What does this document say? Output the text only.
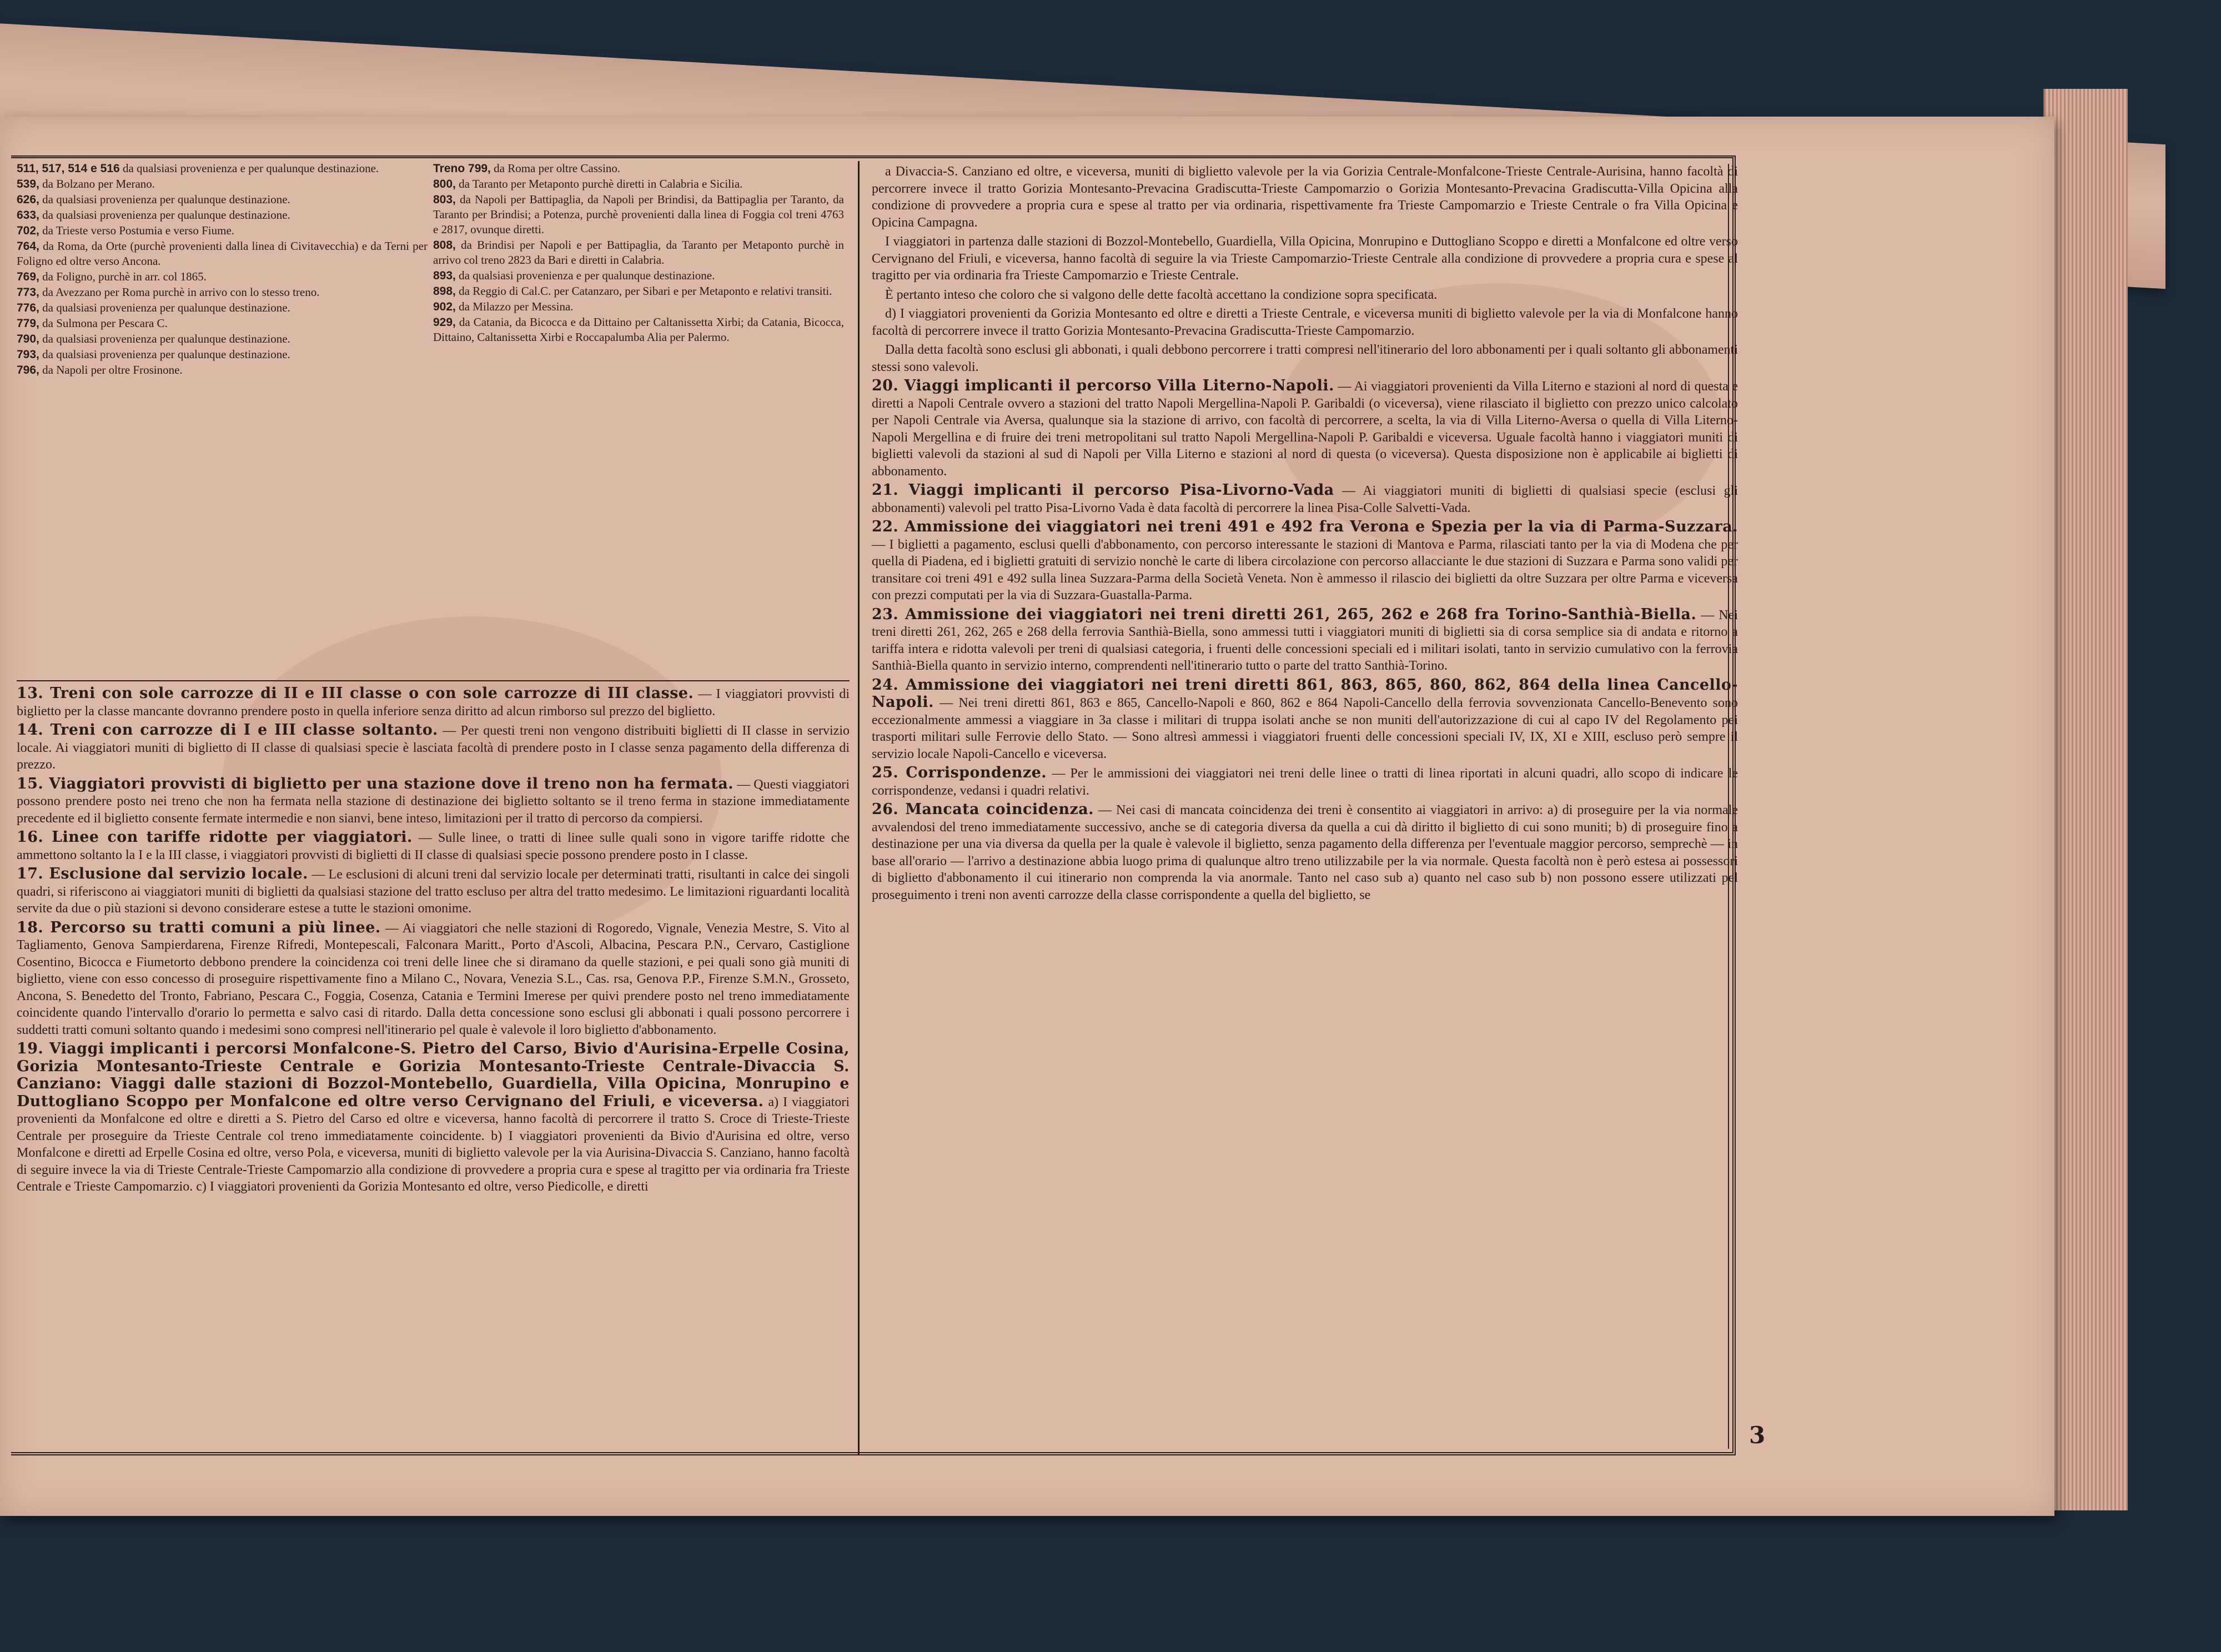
511, 517, 514 e 516 da qualsiasi provenienza e per qualunque destinazione.
539, da Bolzano per Merano.
626, da qualsiasi provenienza per qualunque destinazione.
633, da qualsiasi provenienza per qualunque destinazione.
702, da Trieste verso Postumia e verso Fiume.
764, da Roma, da Orte (purchè provenienti dalla linea di Civitavecchia) e da Terni per Foligno ed oltre verso Ancona.
769, da Foligno, purchè in arr. col 1865.
773, da Avezzano per Roma purchè in arrivo con lo stesso treno.
776, da qualsiasi provenienza per qualunque destinazione.
779, da Sulmona per Pescara C.
790, da qualsiasi provenienza per qualunque destinazione.
793, da qualsiasi provenienza per qualunque destinazione.
796, da Napoli per oltre Frosinone.
Treno 799, da Roma per oltre Cassino.
800, da Taranto per Metaponto purchè diretti in Calabria e Sicilia.
803, da Napoli per Battipaglia, da Napoli per Brindisi, da Battipaglia per Taranto, da Taranto per Brindisi; a Potenza, purchè provenienti dalla linea di Foggia col treni 4763 e 2817, ovunque diretti.
808, da Brindisi per Napoli e per Battipaglia, da Taranto per Metaponto purchè in arrivo col treno 2823 da Bari e diretti in Calabria.
893, da qualsiasi provenienza e per qualunque destinazione.
898, da Reggio di Cal.C. per Catanzaro, per Sibari e per Metaponto e relativi transiti.
902, da Milazzo per Messina.
929, da Catania, da Bicocca e da Dittaino per Caltanissetta Xirbi; da Catania, Bicocca, Dittaino, Caltanissetta Xirbi e Roccapalumba Alia per Palermo.
13. Treni con sole carrozze di II e III classe o con sole carrozze di III classe. — I viaggiatori provvisti di biglietto per la classe mancante dovranno prendere posto in quella inferiore senza diritto ad alcun rimborso sul prezzo del biglietto.
14. Treni con carrozze di I e III classe soltanto. — Per questi treni non vengono distribuiti biglietti di II classe in servizio locale. Ai viaggiatori muniti di biglietto di II classe di qualsiasi specie è lasciata facoltà di prendere posto in I classe senza pagamento della differenza di prezzo.
15. Viaggiatori provvisti di biglietto per una stazione dove il treno non ha fermata. — Questi viaggiatori possono prendere posto nei treno che non ha fermata nella stazione di destinazione dei biglietto soltanto se il treno ferma in stazione immediatamente precedente ed il biglietto consente fermate intermedie e non sianvi, bene inteso, limitazioni per il tratto di percorso da compiersi.
16. Linee con tariffe ridotte per viaggiatori. — Sulle linee, o tratti di linee sulle quali sono in vigore tariffe ridotte che ammettono soltanto la I e la III classe, i viaggiatori provvisti di biglietti di II classe di qualsiasi specie possono prendere posto in I classe.
17. Esclusione dal servizio locale. — Le esclusioni di alcuni treni dal servizio locale per determinati tratti, risultanti in calce dei singoli quadri, si riferiscono ai viaggiatori muniti di biglietti da qualsiasi stazione del tratto escluso per altra del tratto medesimo. Le limitazioni riguardanti località servite da due o più stazioni si devono considerare estese a tutte le stazioni omonime.
18. Percorso su tratti comuni a più linee. — Ai viaggiatori che nelle stazioni di Rogoredo, Vignale, Venezia Mestre, S. Vito al Tagliamento, Genova Sampierdarena, Firenze Rifredi, Montepescali, Falconara Maritt., Porto d'Ascoli, Albacina, Pescara P.N., Cervaro, Castiglione Cosentino, Bicocca e Fiumetorto debbono prendere la coincidenza coi treni delle linee che si diramano da quelle stazioni, e pei quali sono già muniti di biglietto, viene con esso concesso di proseguire rispettivamente fino a Milano C., Novara, Venezia S.L., Cas. rsa, Genova P.P., Firenze S.M.N., Grosseto, Ancona, S. Benedetto del Tronto, Fabriano, Pescara C., Foggia, Cosenza, Catania e Termini Imerese per quivi prendere posto nel treno immediatamente coincidente quando l'intervallo d'orario lo permetta e salvo casi di ritardo. Dalla detta concessione sono esclusi gli abbonati i quali possono percorrere i suddetti tratti comuni soltanto quando i medesimi sono compresi nell'itinerario pel quale è valevole il loro biglietto d'abbonamento.
19. Viaggi implicanti i percorsi Monfalcone-S. Pietro del Carso, Bivio d'Aurisina-Erpelle Cosina, Gorizia Montesanto-Trieste Centrale e Gorizia Montesanto-Trieste Centrale-Divaccia S. Canziano: Viaggi dalle stazioni di Bozzol-Montebello, Guardiella, Villa Opicina, Monrupino e Duttogliano Scoppo per Monfalcone ed oltre verso Cervignano del Friuli, e viceversa. a) I viaggiatori provenienti da Monfalcone ed oltre e diretti a S. Pietro del Carso ed oltre e viceversa, hanno facoltà di percorrere il tratto S. Croce di Trieste-Trieste Centrale per proseguire da Trieste Centrale col treno immediatamente coincidente. b) I viaggiatori provenienti da Bivio d'Aurisina ed oltre, verso Monfalcone e diretti ad Erpelle Cosina ed oltre, verso Pola, e viceversa, muniti di biglietto valevole per la via Aurisina-Divaccia S. Canziano, hanno facoltà di seguire invece la via di Trieste Centrale-Trieste Campomarzio alla condizione di provvedere a propria cura e spese al tragitto per via ordinaria fra Trieste Centrale e Trieste Campomarzio. c) I viaggiatori provenienti da Gorizia Montesanto ed oltre, verso Piedicolle, e diretti
a Divaccia-S. Canziano ed oltre, e viceversa, muniti di biglietto valevole per la via Gorizia Centrale-Monfalcone-Trieste Centrale-Aurisina, hanno facoltà di percorrere invece il tratto Gorizia Montesanto-Prevacina Gradiscutta-Trieste Campomarzio o Gorizia Montesanto-Prevacina Gradiscutta-Villa Opicina alla condizione di provvedere a propria cura e spese al tratto per via ordinaria, rispettivamente fra Trieste Campomarzio e Trieste Centrale o fra Villa Opicina e Opicina Campagna.
I viaggiatori in partenza dalle stazioni di Bozzol-Montebello, Guardiella, Villa Opicina, Monrupino e Duttogliano Scoppo e diretti a Monfalcone ed oltre verso Cervignano del Friuli, e viceversa, hanno facoltà di seguire la via Trieste Campomarzio-Trieste Centrale alla condizione di provvedere a propria cura e spese al tragitto per via ordinaria fra Trieste Campomarzio e Trieste Centrale.
È pertanto inteso che coloro che si valgono delle dette facoltà accettano la condizione sopra specificata.
d) I viaggiatori provenienti da Gorizia Montesanto ed oltre e diretti a Trieste Centrale, e viceversa muniti di biglietto valevole per la via di Monfalcone hanno facoltà di percorrere invece il tratto Gorizia Montesanto-Prevacina Gradiscutta-Trieste Campomarzio.
Dalla detta facoltà sono esclusi gli abbonati, i quali debbono percorrere i tratti compresi nell'itinerario del loro abbonamenti per i quali soltanto gli abbonamenti stessi sono valevoli.
20. Viaggi implicanti il percorso Villa Literno-Napoli. — Ai viaggiatori provenienti da Villa Literno e stazioni al nord di questa e diretti a Napoli Centrale ovvero a stazioni del tratto Napoli Mergellina-Napoli P. Garibaldi (o viceversa), viene rilasciato il biglietto con prezzo unico calcolato per Napoli Centrale via Aversa, qualunque sia la stazione di arrivo, con facoltà di percorrere, a scelta, la via di Villa Literno-Aversa o quella di Villa Literno-Napoli Mergellina e di fruire dei treni metropolitani sul tratto Napoli Mergellina-Napoli P. Garibaldi e viceversa. Uguale facoltà hanno i viaggiatori muniti di biglietti valevoli da stazioni al sud di Napoli per Villa Literno e stazioni al nord di questa (o viceversa). Questa disposizione non è applicabile ai biglietti di abbonamento.
21. Viaggi implicanti il percorso Pisa-Livorno-Vada — Ai viaggiatori muniti di biglietti di qualsiasi specie (esclusi gli abbonamenti) valevoli pel tratto Pisa-Livorno Vada è data facoltà di percorrere la linea Pisa-Colle Salvetti-Vada.
22. Ammissione dei viaggiatori nei treni 491 e 492 fra Verona e Spezia per la via di Parma-Suzzara. — I biglietti a pagamento, esclusi quelli d'abbonamento, con percorso interessante le stazioni di Mantova e Parma, rilasciati tanto per la via di Modena che per quella di Piadena, ed i biglietti gratuiti di servizio nonchè le carte di libera circolazione con percorso allacciante le due stazioni di Suzzara e Parma sono validi per transitare coi treni 491 e 492 sulla linea Suzzara-Parma della Società Veneta. Non è ammesso il rilascio dei biglietti da oltre Suzzara per oltre Parma e viceversa con prezzi computati per la via di Suzzara-Guastalla-Parma.
23. Ammissione dei viaggiatori nei treni diretti 261, 265, 262 e 268 fra Torino-Santhià-Biella. — Nei treni diretti 261, 262, 265 e 268 della ferrovia Santhià-Biella, sono ammessi tutti i viaggiatori muniti di biglietti sia di corsa semplice sia di andata e ritorno a tariffa intera e ridotta valevoli per treni di qualsiasi categoria, i fruenti delle concessioni speciali ed i militari isolati, tanto in servizio cumulativo con la ferrovia Santhià-Biella quanto in servizio interno, comprendenti nell'itinerario tutto o parte del tratto Santhià-Torino.
24. Ammissione dei viaggiatori nei treni diretti 861, 863, 865, 860, 862, 864 della linea Cancello-Napoli. — Nei treni diretti 861, 863 e 865, Cancello-Napoli e 860, 862 e 864 Napoli-Cancello della ferrovia sovvenzionata Cancello-Benevento sono eccezionalmente ammessi a viaggiare in 3a classe i militari di truppa isolati anche se non muniti dell'autorizzazione di cui al capo IV del Regolamento pei trasporti militari sulle Ferrovie dello Stato. — Sono altresì ammessi i viaggiatori fruenti delle concessioni speciali IV, IX, XI e XIII, escluso però sempre il servizio locale Napoli-Cancello e viceversa.
25. Corrispondenze. — Per le ammissioni dei viaggiatori nei treni delle linee o tratti di linea riportati in alcuni quadri, allo scopo di indicare le corrispondenze, vedansi i quadri relativi.
26. Mancata coincidenza. — Nei casi di mancata coincidenza dei treni è consentito ai viaggiatori in arrivo: a) di proseguire per la via normale avvalendosi del treno immediatamente successivo, anche se di categoria diversa da quella a cui dà diritto il biglietto di cui sono muniti; b) di proseguire fino a destinazione per una via diversa da quella per la quale è valevole il biglietto, senza pagamento della differenza per l'eventuale maggior percorso, semprechè — in base all'orario — l'arrivo a destinazione abbia luogo prima di qualunque altro treno utilizzabile per la via normale. Questa facoltà non è però estesa ai possessori di biglietto d'abbonamento il cui itinerario non comprenda la via anormale. Tanto nel caso sub a) quanto nel caso sub b) non possono essere utilizzati pel proseguimento i treni non aventi carrozze della classe corrispondente a quella del biglietto, se
3
